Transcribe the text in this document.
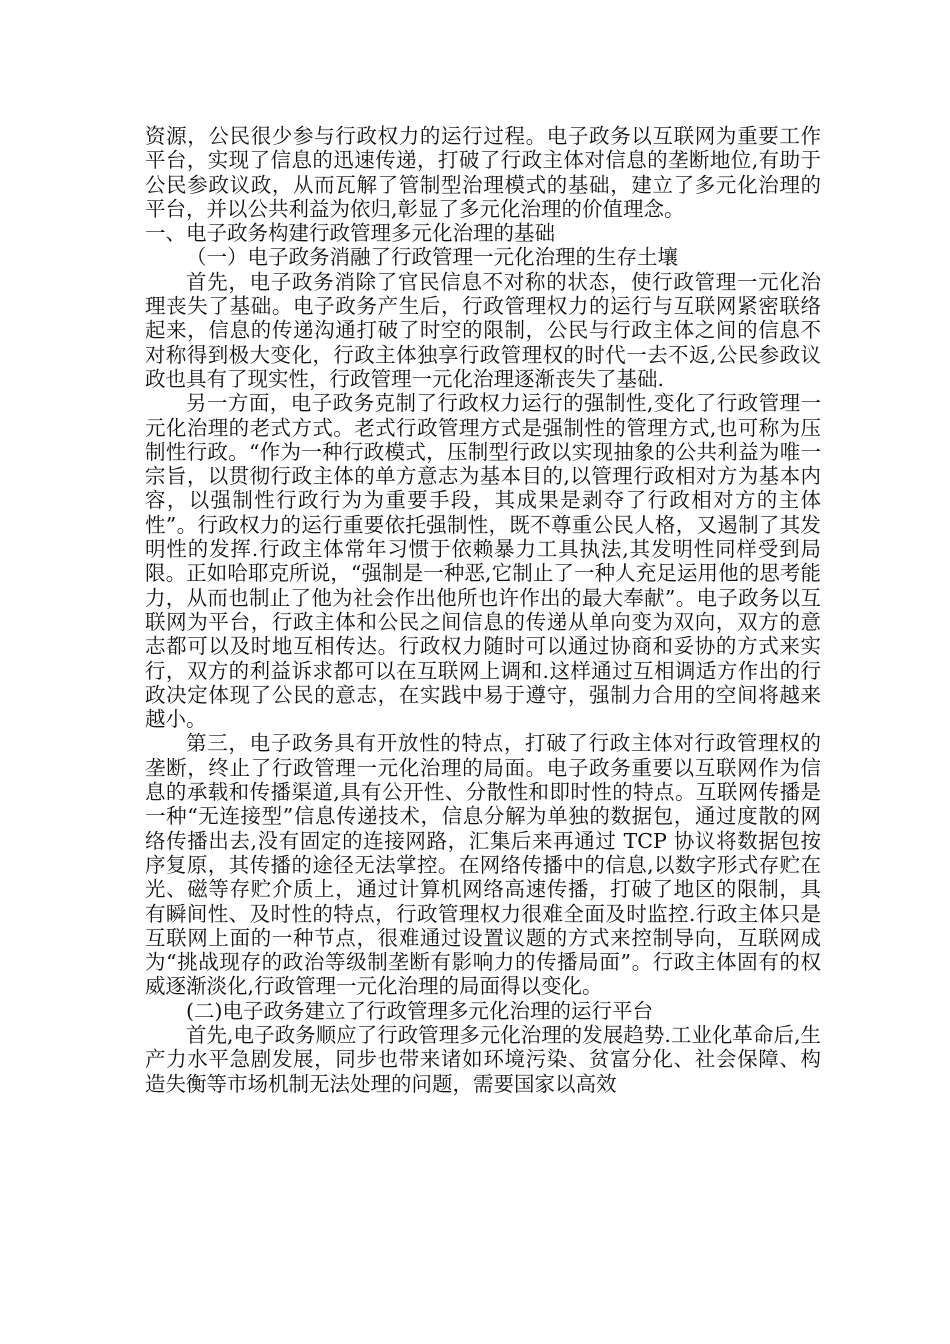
资源，公民很少参与行政权力的运行过程。电子政务以互联网为重要工作平台，实现了信息的迅速传递，打破了行政主体对信息的垄断地位,有助于公民参政议政，从而瓦解了管制型治理模式的基础，建立了多元化治理的平台，并以公共利益为依归,彰显了多元化治理的价值理念。

一、电子政务构建行政管理多元化治理的基础

（一）电子政务消融了行政管理一元化治理的生存土壤

首先，电子政务消除了官民信息不对称的状态，使行政管理一元化治理丧失了基础。电子政务产生后，行政管理权力的运行与互联网紧密联络起来，信息的传递沟通打破了时空的限制，公民与行政主体之间的信息不对称得到极大变化，行政主体独享行政管理权的时代一去不返,公民参政议政也具有了现实性，行政管理一元化治理逐渐丧失了基础.

另一方面，电子政务克制了行政权力运行的强制性,变化了行政管理一元化治理的老式方式。老式行政管理方式是强制性的管理方式,也可称为压制性行政。“作为一种行政模式，压制型行政以实现抽象的公共利益为唯一宗旨，以贯彻行政主体的单方意志为基本目的,以管理行政相对方为基本内容，以强制性行政行为为重要手段，其成果是剥夺了行政相对方的主体性”。行政权力的运行重要依托强制性，既不尊重公民人格，又遏制了其发明性的发挥.行政主体常年习惯于依赖暴力工具执法,其发明性同样受到局限。正如哈耶克所说，“强制是一种恶,它制止了一种人充足运用他的思考能力，从而也制止了他为社会作出他所也许作出的最大奉献”。电子政务以互联网为平台，行政主体和公民之间信息的传递从单向变为双向，双方的意志都可以及时地互相传达。行政权力随时可以通过协商和妥协的方式来实行，双方的利益诉求都可以在互联网上调和.这样通过互相调适方作出的行政决定体现了公民的意志，在实践中易于遵守，强制力合用的空间将越来越小。

第三，电子政务具有开放性的特点，打破了行政主体对行政管理权的垄断，终止了行政管理一元化治理的局面。电子政务重要以互联网作为信息的承载和传播渠道,具有公开性、分散性和即时性的特点。互联网传播是一种“无连接型”信息传递技术，信息分解为单独的数据包，通过度散的网络传播出去,没有固定的连接网路，汇集后来再通过 TCP 协议将数据包按序复原，其传播的途径无法掌控。在网络传播中的信息,以数字形式存贮在光、磁等存贮介质上，通过计算机网络高速传播，打破了地区的限制，具有瞬间性、及时性的特点，行政管理权力很难全面及时监控.行政主体只是互联网上面的一种节点，很难通过设置议题的方式来控制导向，互联网成为“挑战现存的政治等级制垄断有影响力的传播局面”。行政主体固有的权威逐渐淡化,行政管理一元化治理的局面得以变化。

(二)电子政务建立了行政管理多元化治理的运行平台

首先,电子政务顺应了行政管理多元化治理的发展趋势.工业化革命后,生产力水平急剧发展，同步也带来诸如环境污染、贫富分化、社会保障、构造失衡等市场机制无法处理的问题，需要国家以高效
